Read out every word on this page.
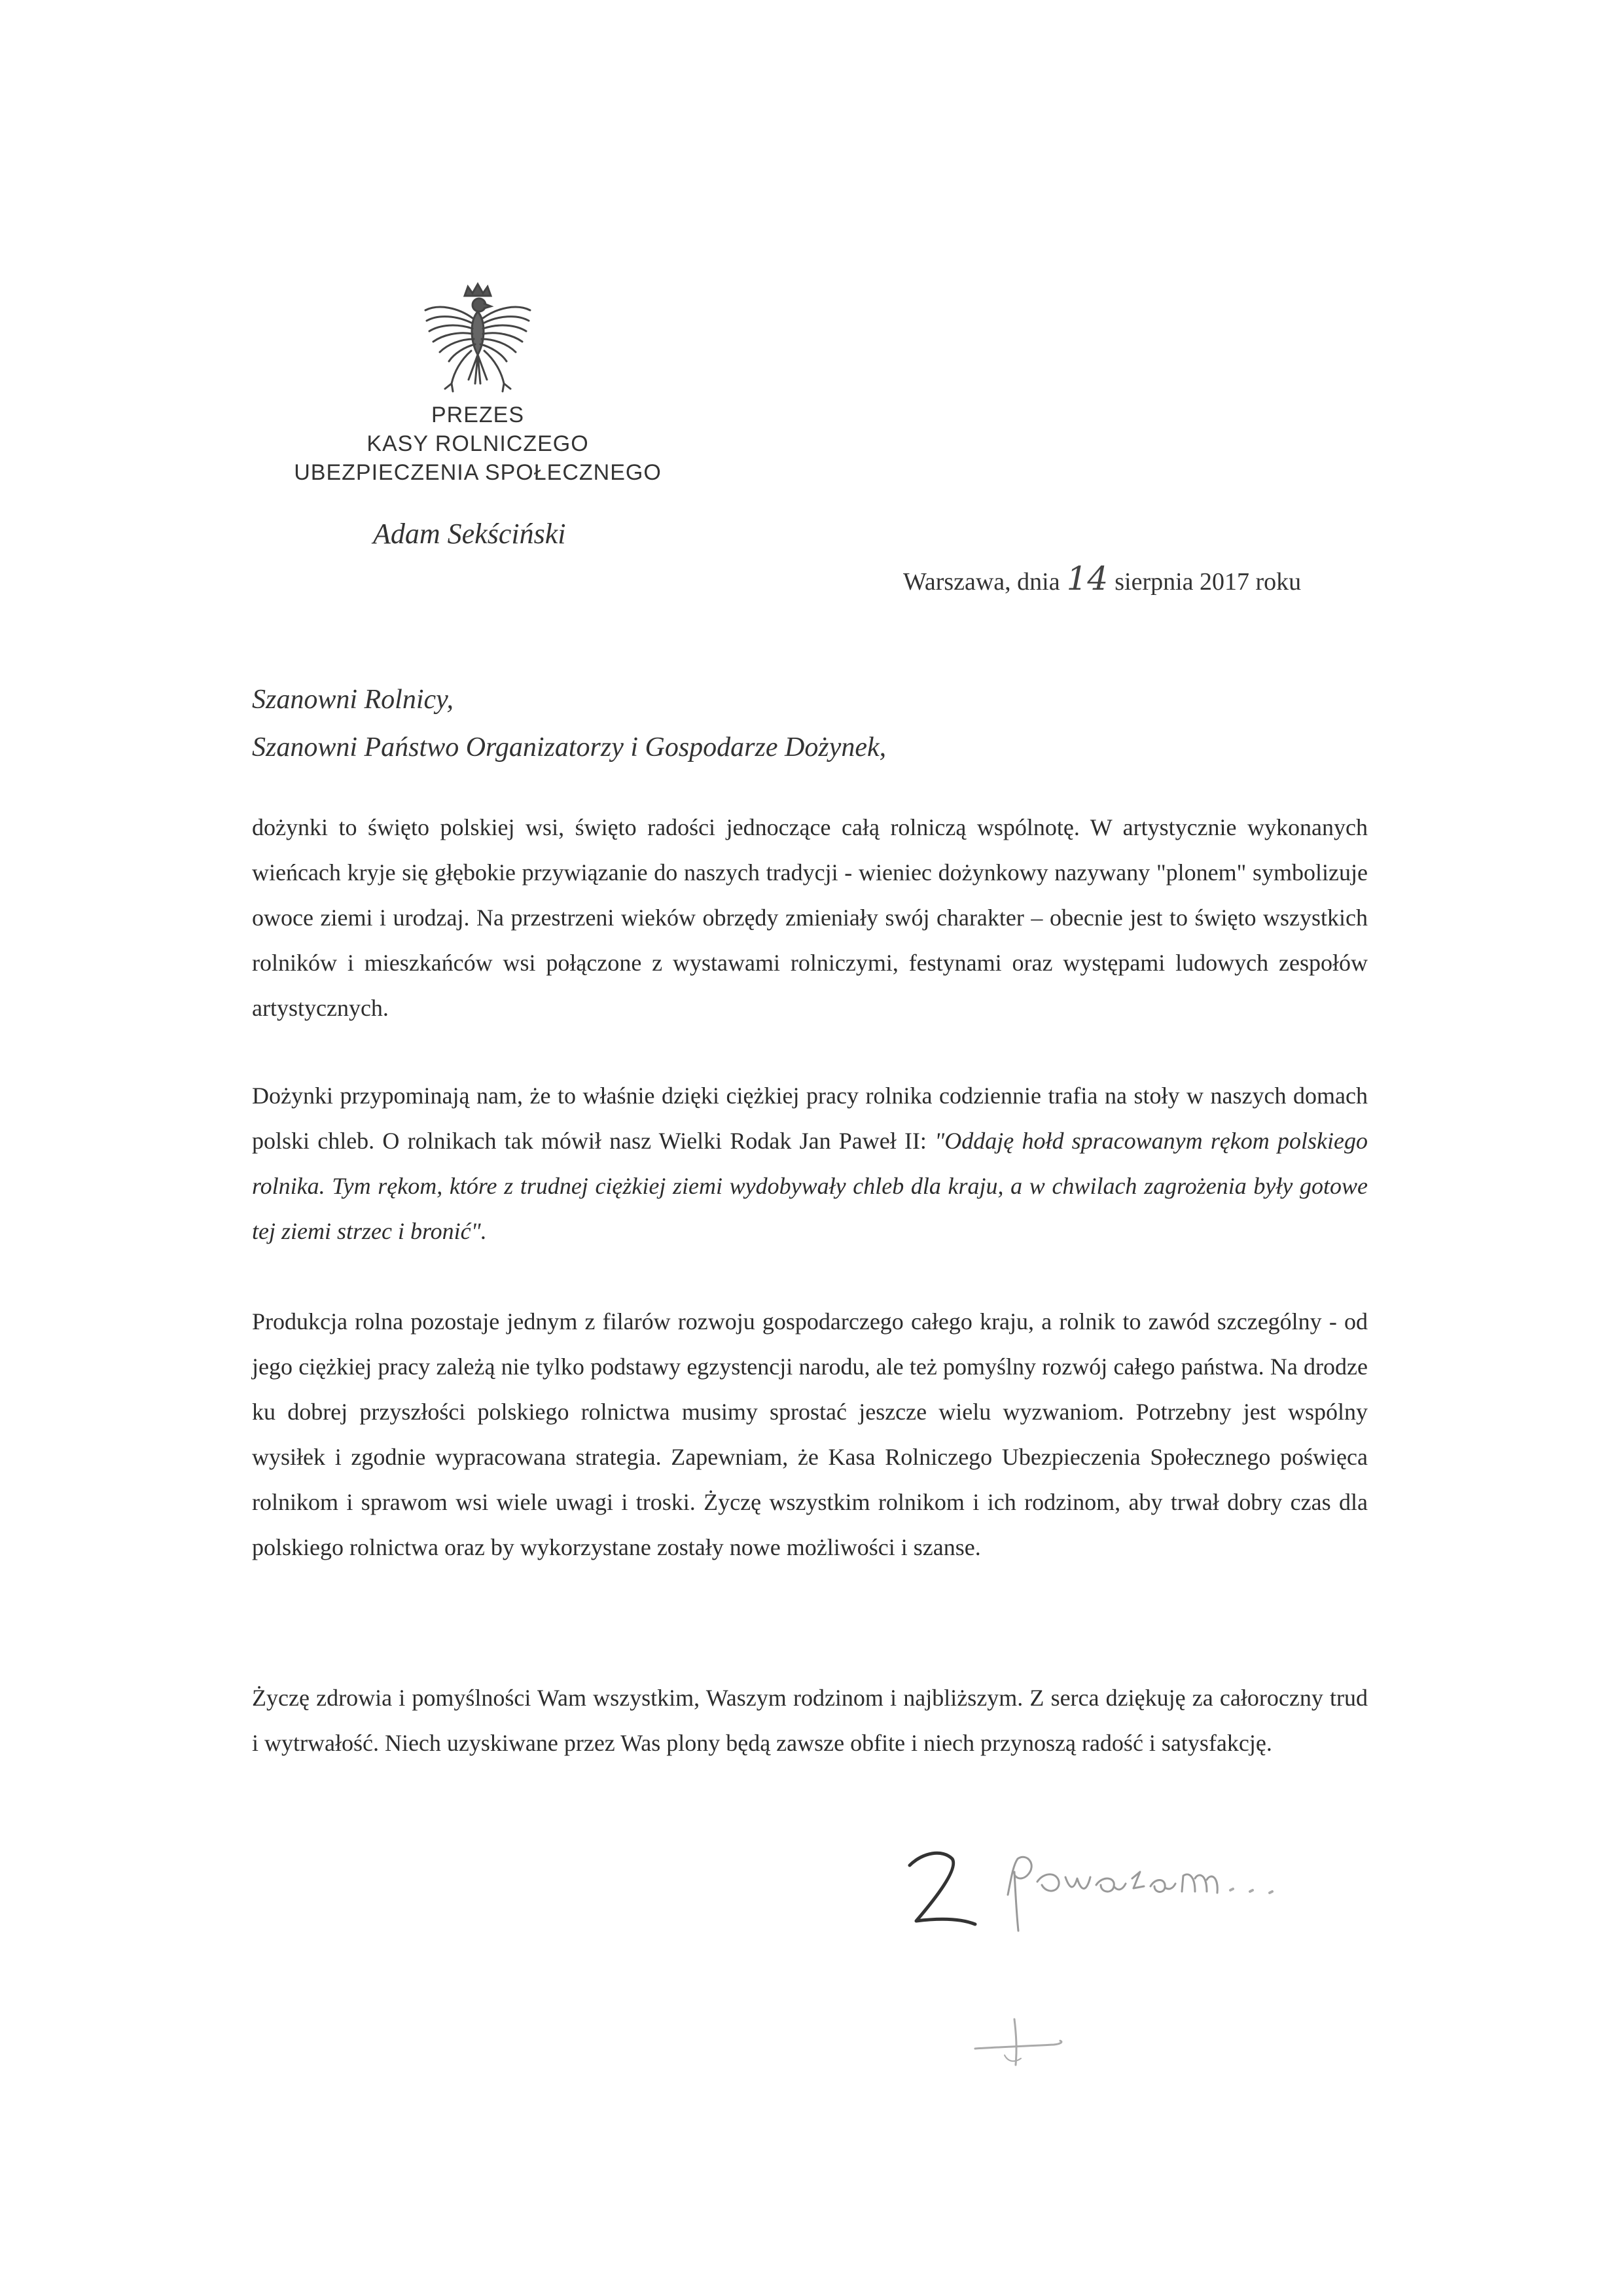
PREZES
KASY ROLNICZEGO
UBEZPIECZENIA SPOŁECZNEGO
Adam Sekściński
Warszawa, dnia 14 sierpnia 2017 roku
Szanowni Rolnicy,
Szanowni Państwo Organizatorzy i Gospodarze Dożynek,
dożynki to święto polskiej wsi, święto radości jednoczące całą rolniczą wspólnotę. W artystycznie wykonanych wieńcach kryje się głębokie przywiązanie do naszych tradycji - wieniec dożynkowy nazywany "plonem" symbolizuje owoce ziemi i urodzaj. Na przestrzeni wieków obrzędy zmieniały swój charakter – obecnie jest to święto wszystkich rolników i mieszkańców wsi połączone z wystawami rolniczymi, festynami oraz występami ludowych zespołów artystycznych.
Dożynki przypominają nam, że to właśnie dzięki ciężkiej pracy rolnika codziennie trafia na stoły w naszych domach polski chleb. O rolnikach tak mówił nasz Wielki Rodak Jan Paweł II: "Oddaję hołd spracowanym rękom polskiego rolnika. Tym rękom, które z trudnej ciężkiej ziemi wydobywały chleb dla kraju, a w chwilach zagrożenia były gotowe tej ziemi strzec i bronić".
Produkcja rolna pozostaje jednym z filarów rozwoju gospodarczego całego kraju, a rolnik to zawód szczególny - od jego ciężkiej pracy zależą nie tylko podstawy egzystencji narodu, ale też pomyślny rozwój całego państwa. Na drodze ku dobrej przyszłości polskiego rolnictwa musimy sprostać jeszcze wielu wyzwaniom. Potrzebny jest wspólny wysiłek i zgodnie wypracowana strategia. Zapewniam, że Kasa Rolniczego Ubezpieczenia Społecznego poświęca rolnikom i sprawom wsi wiele uwagi i troski. Życzę wszystkim rolnikom i ich rodzinom, aby trwał dobry czas dla polskiego rolnictwa oraz by wykorzystane zostały nowe możliwości i szanse.
Życzę zdrowia i pomyślności Wam wszystkim, Waszym rodzinom i najbliższym. Z serca dziękuję za całoroczny trud i wytrwałość. Niech uzyskiwane przez Was plony będą zawsze obfite i niech przynoszą radość i satysfakcję.
